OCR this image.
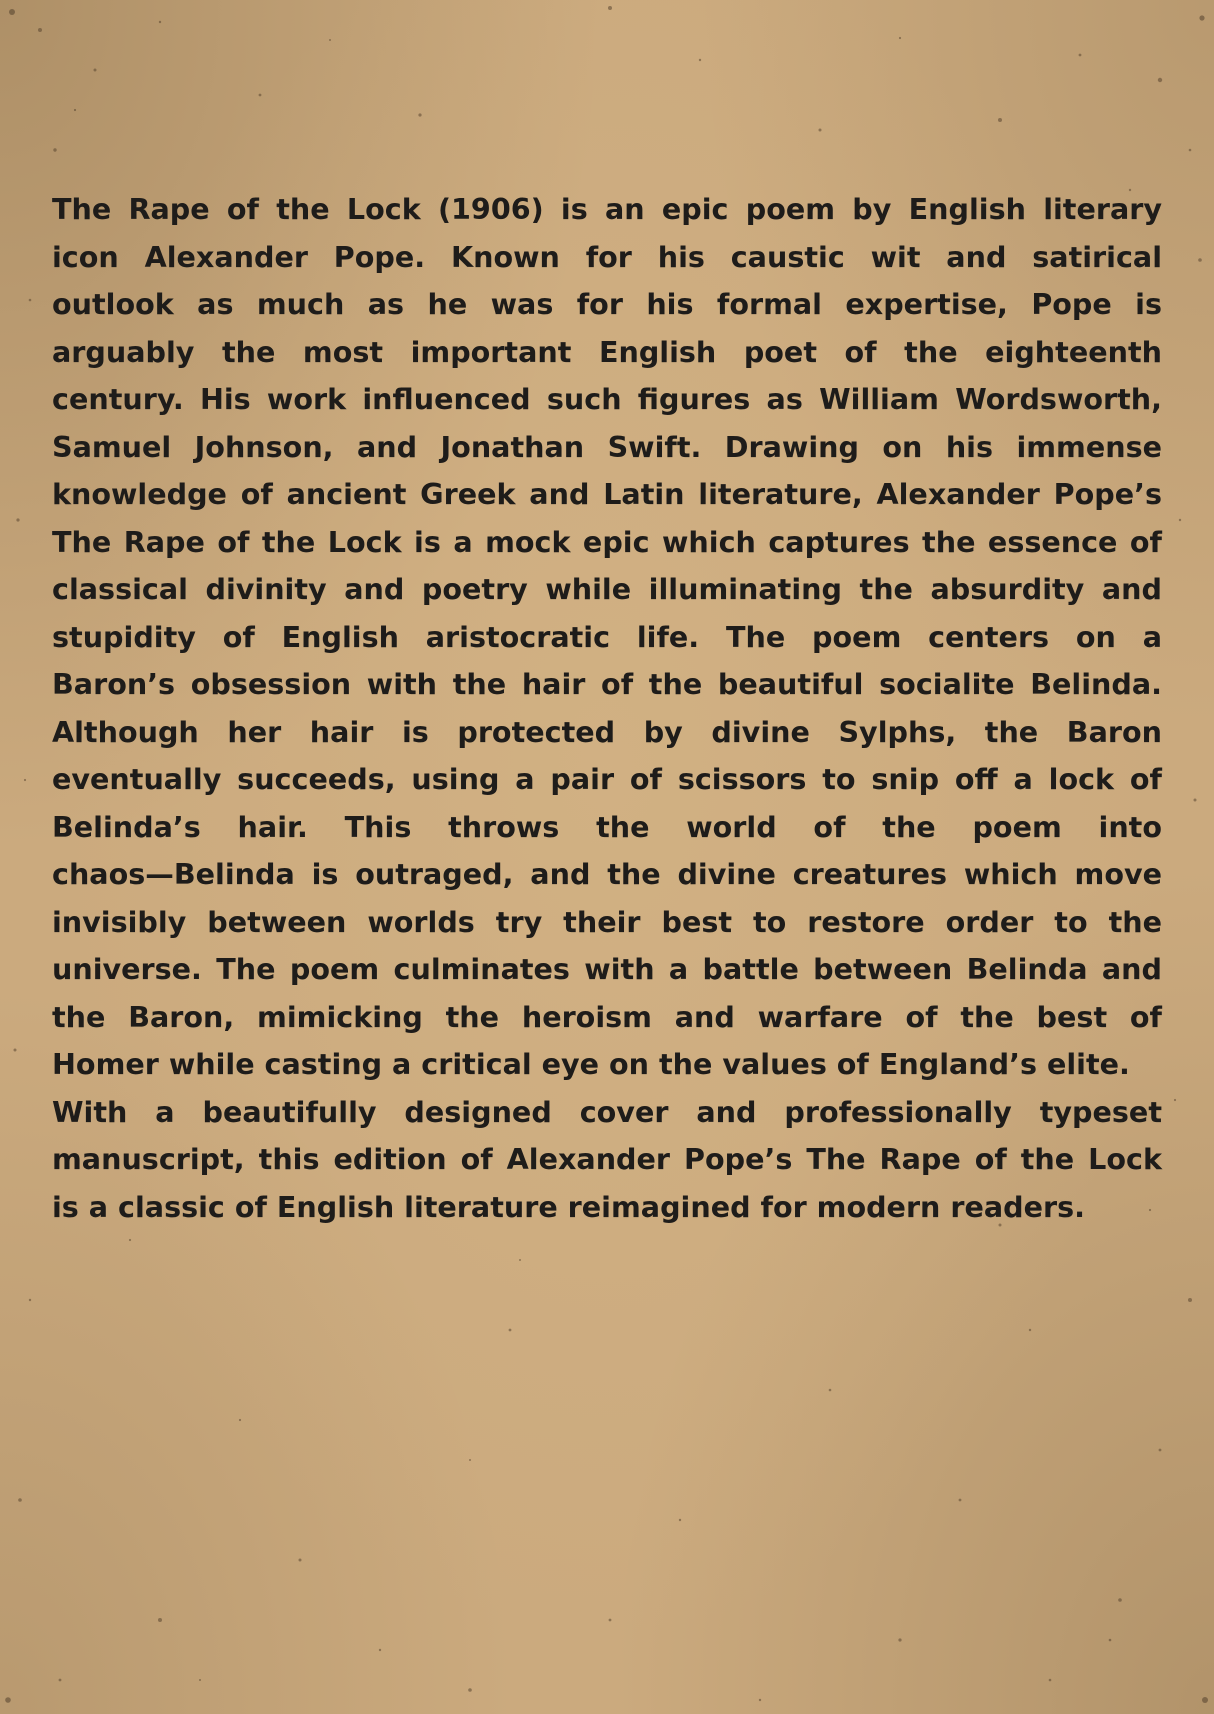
The Rape of the Lock (1906) is an epic poem by English literary
icon Alexander Pope. Known for his caustic wit and satirical
outlook as much as he was for his formal expertise, Pope is
arguably the most important English poet of the eighteenth
century. His work influenced such figures as William Wordsworth,
Samuel Johnson, and Jonathan Swift. Drawing on his immense
knowledge of ancient Greek and Latin literature, Alexander Pope’s
The Rape of the Lock is a mock epic which captures the essence of
classical divinity and poetry while illuminating the absurdity and
stupidity of English aristocratic life. The poem centers on a
Baron’s obsession with the hair of the beautiful socialite Belinda.
Although her hair is protected by divine Sylphs, the Baron
eventually succeeds, using a pair of scissors to snip off a lock of
Belinda’s hair. This throws the world of the poem into
chaos—Belinda is outraged, and the divine creatures which move
invisibly between worlds try their best to restore order to the
universe. The poem culminates with a battle between Belinda and
the Baron, mimicking the heroism and warfare of the best of
Homer while casting a critical eye on the values of England’s elite.
With a beautifully designed cover and professionally typeset
manuscript, this edition of Alexander Pope’s The Rape of the Lock
is a classic of English literature reimagined for modern readers.
